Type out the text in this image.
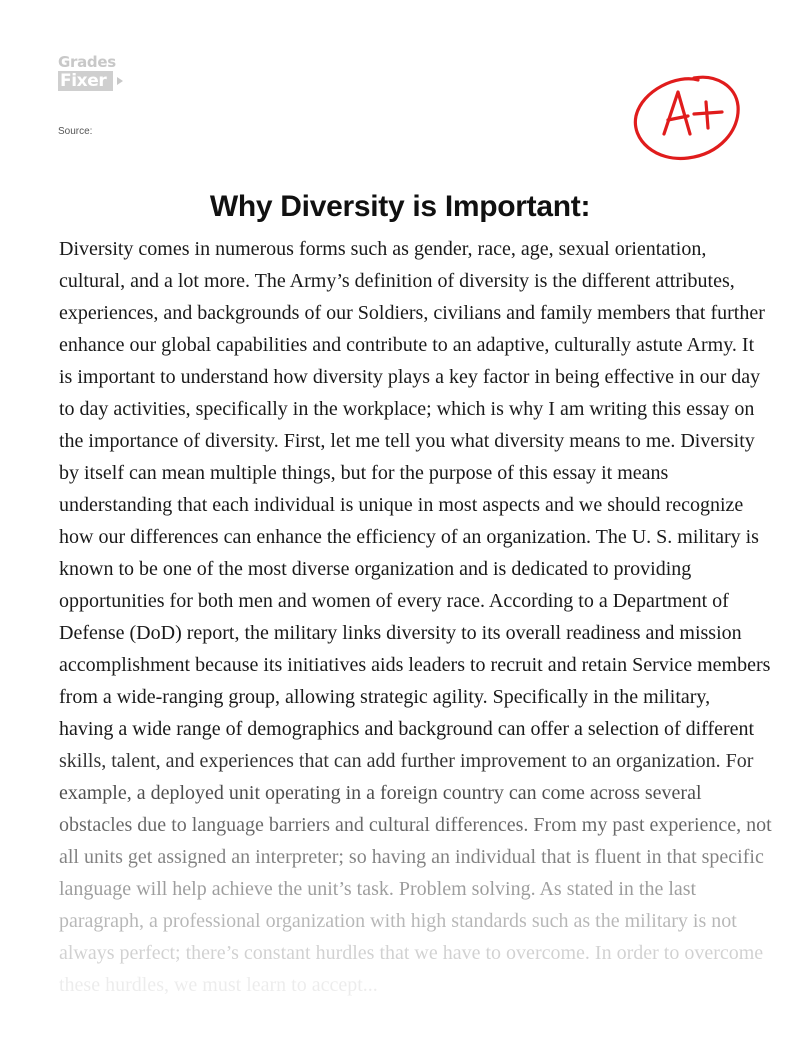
Grades
Fixer
Source:
Why Diversity is Important:
Diversity comes in numerous forms such as gender, race, age, sexual orientation,
cultural, and a lot more. The Army’s definition of diversity is the different attributes,
experiences, and backgrounds of our Soldiers, civilians and family members that further
enhance our global capabilities and contribute to an adaptive, culturally astute Army. It
is important to understand how diversity plays a key factor in being effective in our day
to day activities, specifically in the workplace; which is why I am writing this essay on
the importance of diversity. First, let me tell you what diversity means to me. Diversity
by itself can mean multiple things, but for the purpose of this essay it means
understanding that each individual is unique in most aspects and we should recognize
how our differences can enhance the efficiency of an organization. The U. S. military is
known to be one of the most diverse organization and is dedicated to providing
opportunities for both men and women of every race. According to a Department of
Defense (DoD) report, the military links diversity to its overall readiness and mission
accomplishment because its initiatives aids leaders to recruit and retain Service members
from a wide-ranging group, allowing strategic agility. Specifically in the military,
having a wide range of demographics and background can offer a selection of different
skills, talent, and experiences that can add further improvement to an organization. For
example, a deployed unit operating in a foreign country can come across several
obstacles due to language barriers and cultural differences. From my past experience, not
all units get assigned an interpreter; so having an individual that is fluent in that specific
language will help achieve the unit’s task. Problem solving. As stated in the last
paragraph, a professional organization with high standards such as the military is not
always perfect; there’s constant hurdles that we have to overcome. In order to overcome
these hurdles, we must learn to accept...
